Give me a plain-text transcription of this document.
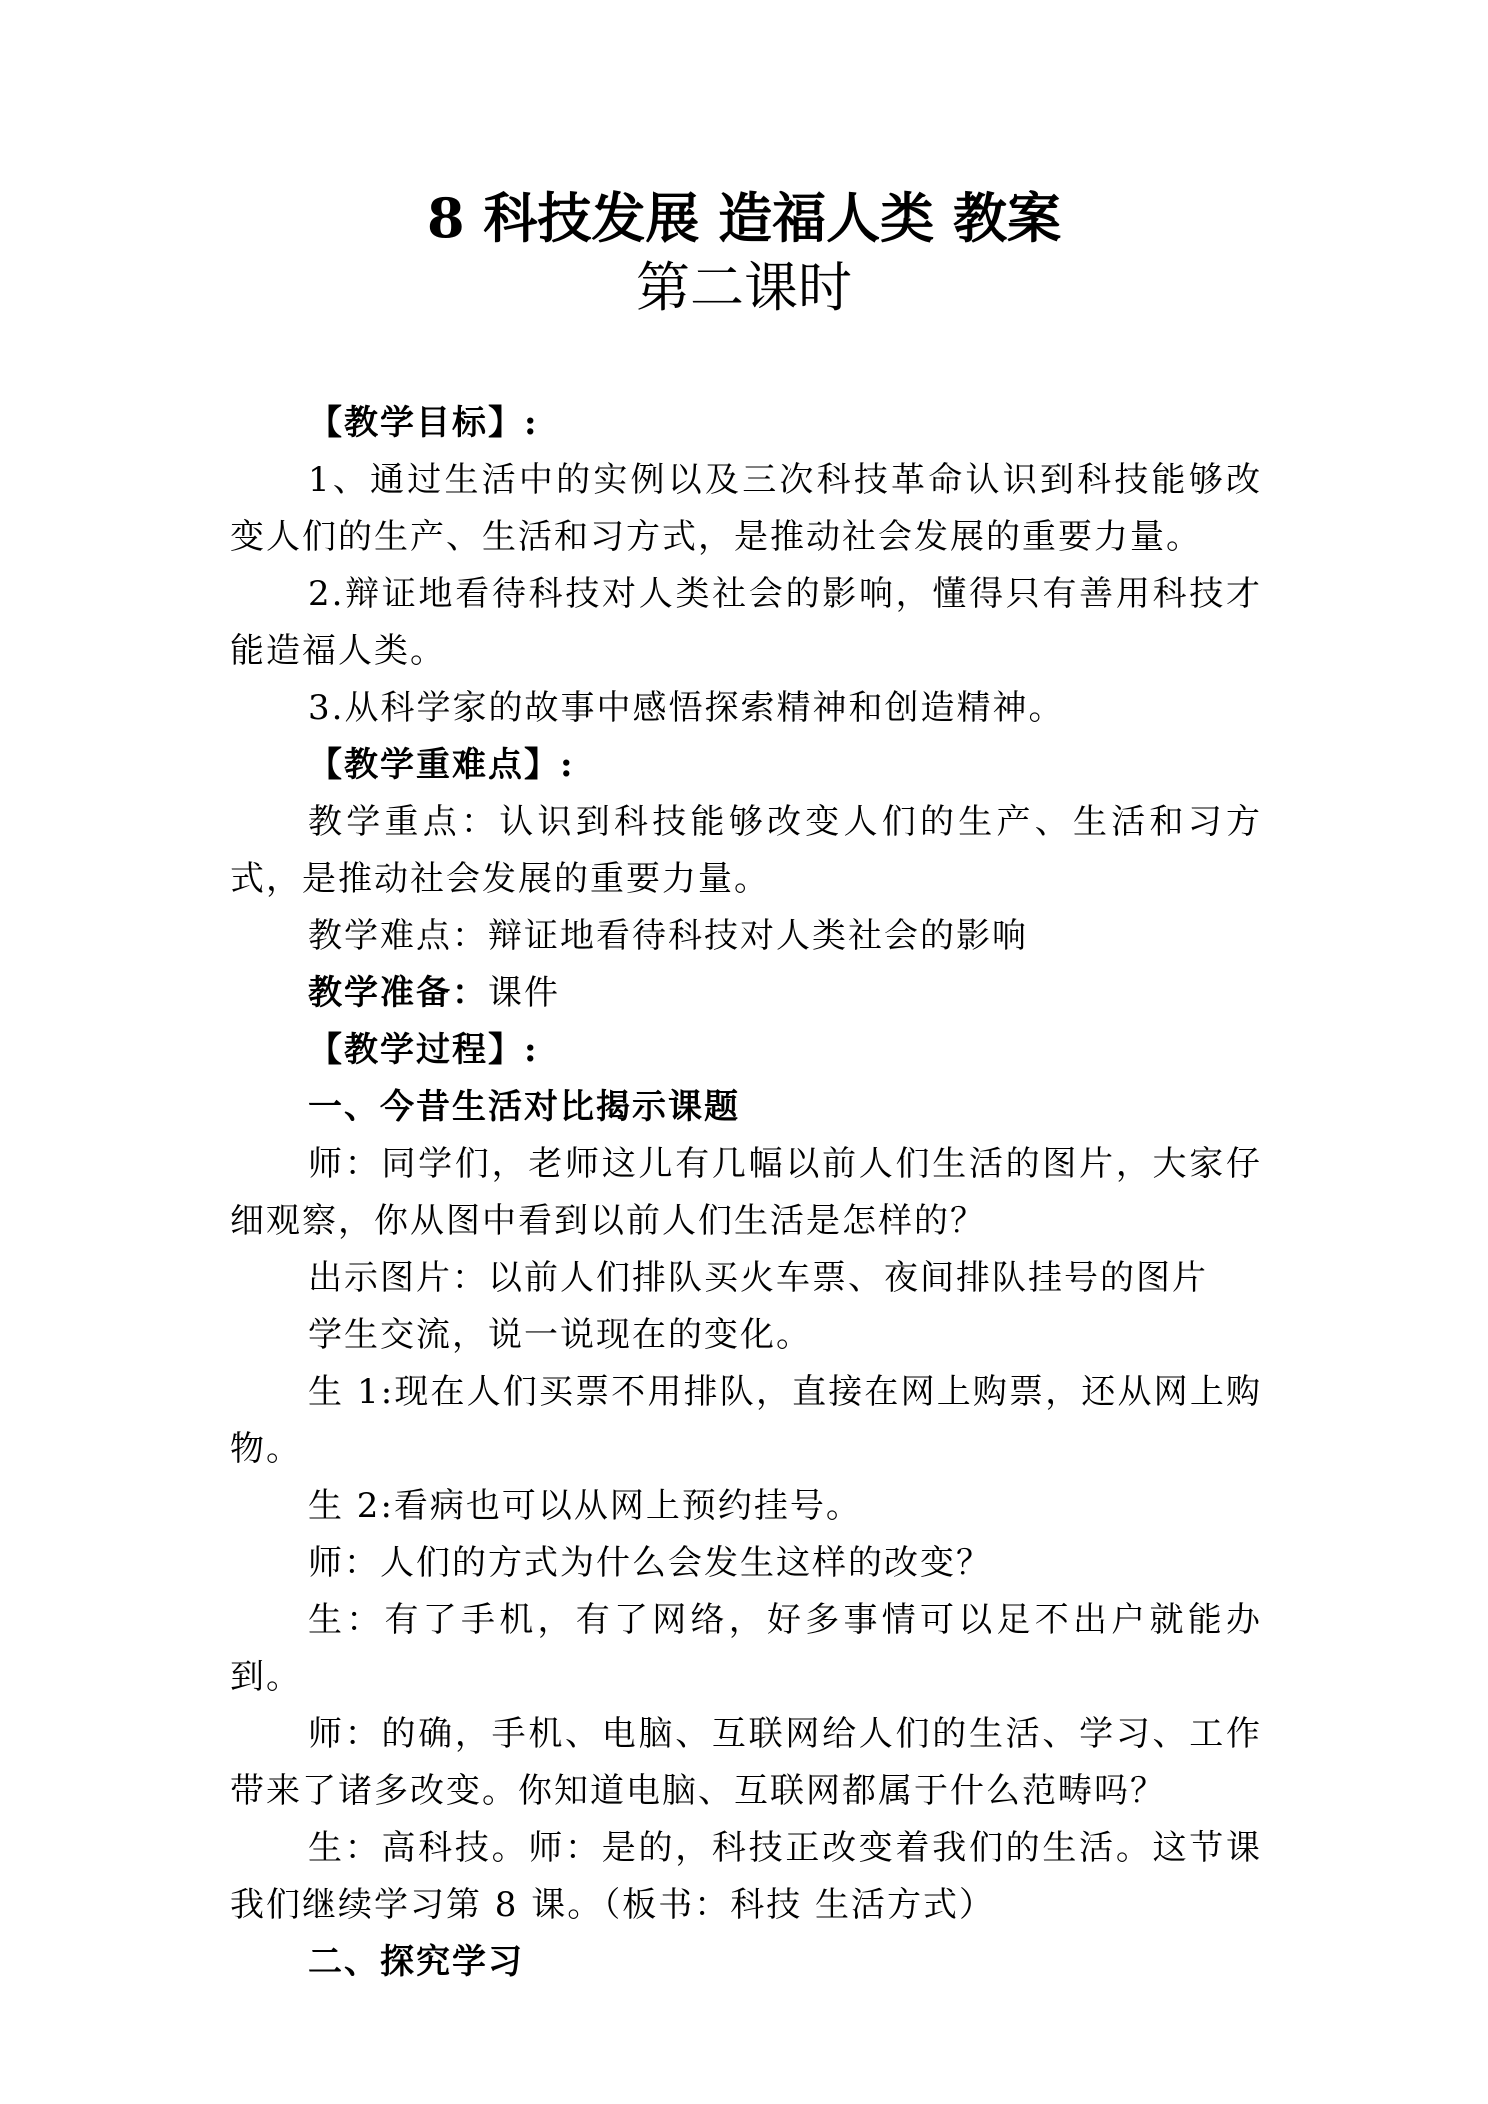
8 科技发展 造福人类 教案
第二课时

【教学目标】:

1、通过生活中的实例以及三次科技革命认识到科技能够改变人们的生产、生活和习方式，是推动社会发展的重要力量。

2.辩证地看待科技对人类社会的影响，懂得只有善用科技才能造福人类。

3.从科学家的故事中感悟探索精神和创造精神。

【教学重难点】:

教学重点：认识到科技能够改变人们的生产、生活和习方式，是推动社会发展的重要力量。

教学难点：辩证地看待科技对人类社会的影响

教学准备：课件

【教学过程】:

一、今昔生活对比揭示课题

师：同学们，老师这儿有几幅以前人们生活的图片，大家仔细观察，你从图中看到以前人们生活是怎样的？

出示图片：以前人们排队买火车票、夜间排队挂号的图片

学生交流，说一说现在的变化。

生 1:现在人们买票不用排队，直接在网上购票，还从网上购物。

生 2:看病也可以从网上预约挂号。

师：人们的方式为什么会发生这样的改变？

生：有了手机，有了网络，好多事情可以足不出户就能办到。

师：的确，手机、电脑、互联网给人们的生活、学习、工作带来了诸多改变。你知道电脑、互联网都属于什么范畴吗？

生：高科技。师：是的，科技正改变着我们的生活。这节课我们继续学习第 8 课。（板书：科技 生活方式）

二、探究学习
